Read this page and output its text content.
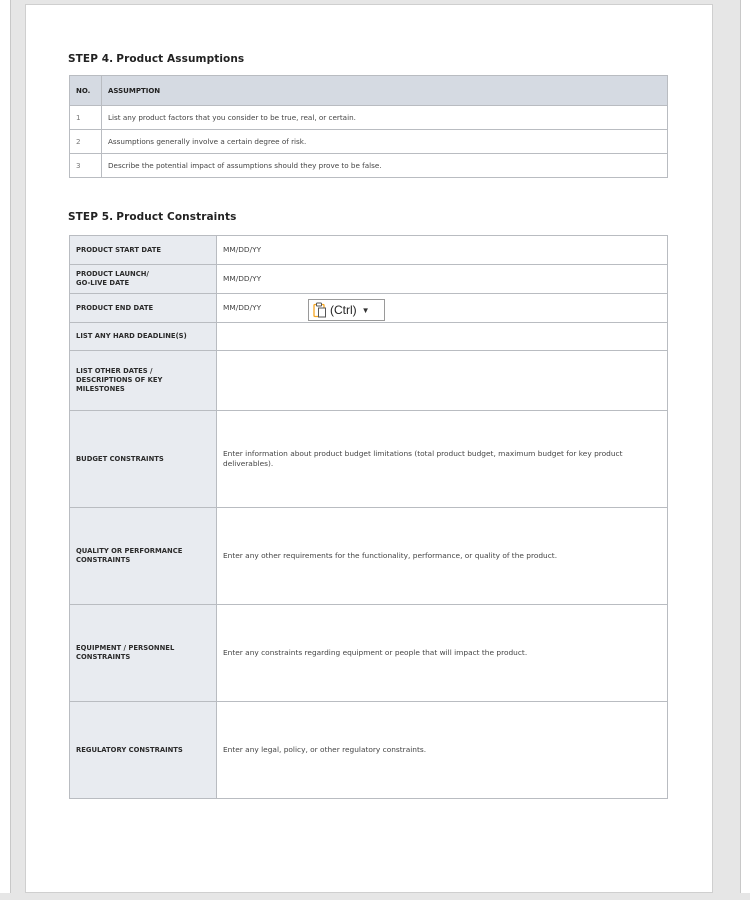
STEP 4. Product Assumptions
NO.	ASSUMPTION
1	List any product factors that you consider to be true, real, or certain.
2	Assumptions generally involve a certain degree of risk.
3	Describe the potential impact of assumptions should they prove to be false.
STEP 5. Product Constraints
PRODUCT START DATE	MM/DD/YY
PRODUCT LAUNCH/
GO-LIVE DATE	MM/DD/YY
PRODUCT END DATE	MM/DD/YY
LIST ANY HARD DEADLINE(S)	
LIST OTHER DATES /
DESCRIPTIONS OF KEY
MILESTONES	
BUDGET CONSTRAINTS	Enter information about product budget limitations (total product budget, maximum budget for key product deliverables).
QUALITY OR PERFORMANCE
CONSTRAINTS	Enter any other requirements for the functionality, performance, or quality of the product.
EQUIPMENT / PERSONNEL
CONSTRAINTS	Enter any constraints regarding equipment or people that will impact the product.
REGULATORY CONSTRAINTS	Enter any legal, policy, or other regulatory constraints.
(Ctrl) ▼
